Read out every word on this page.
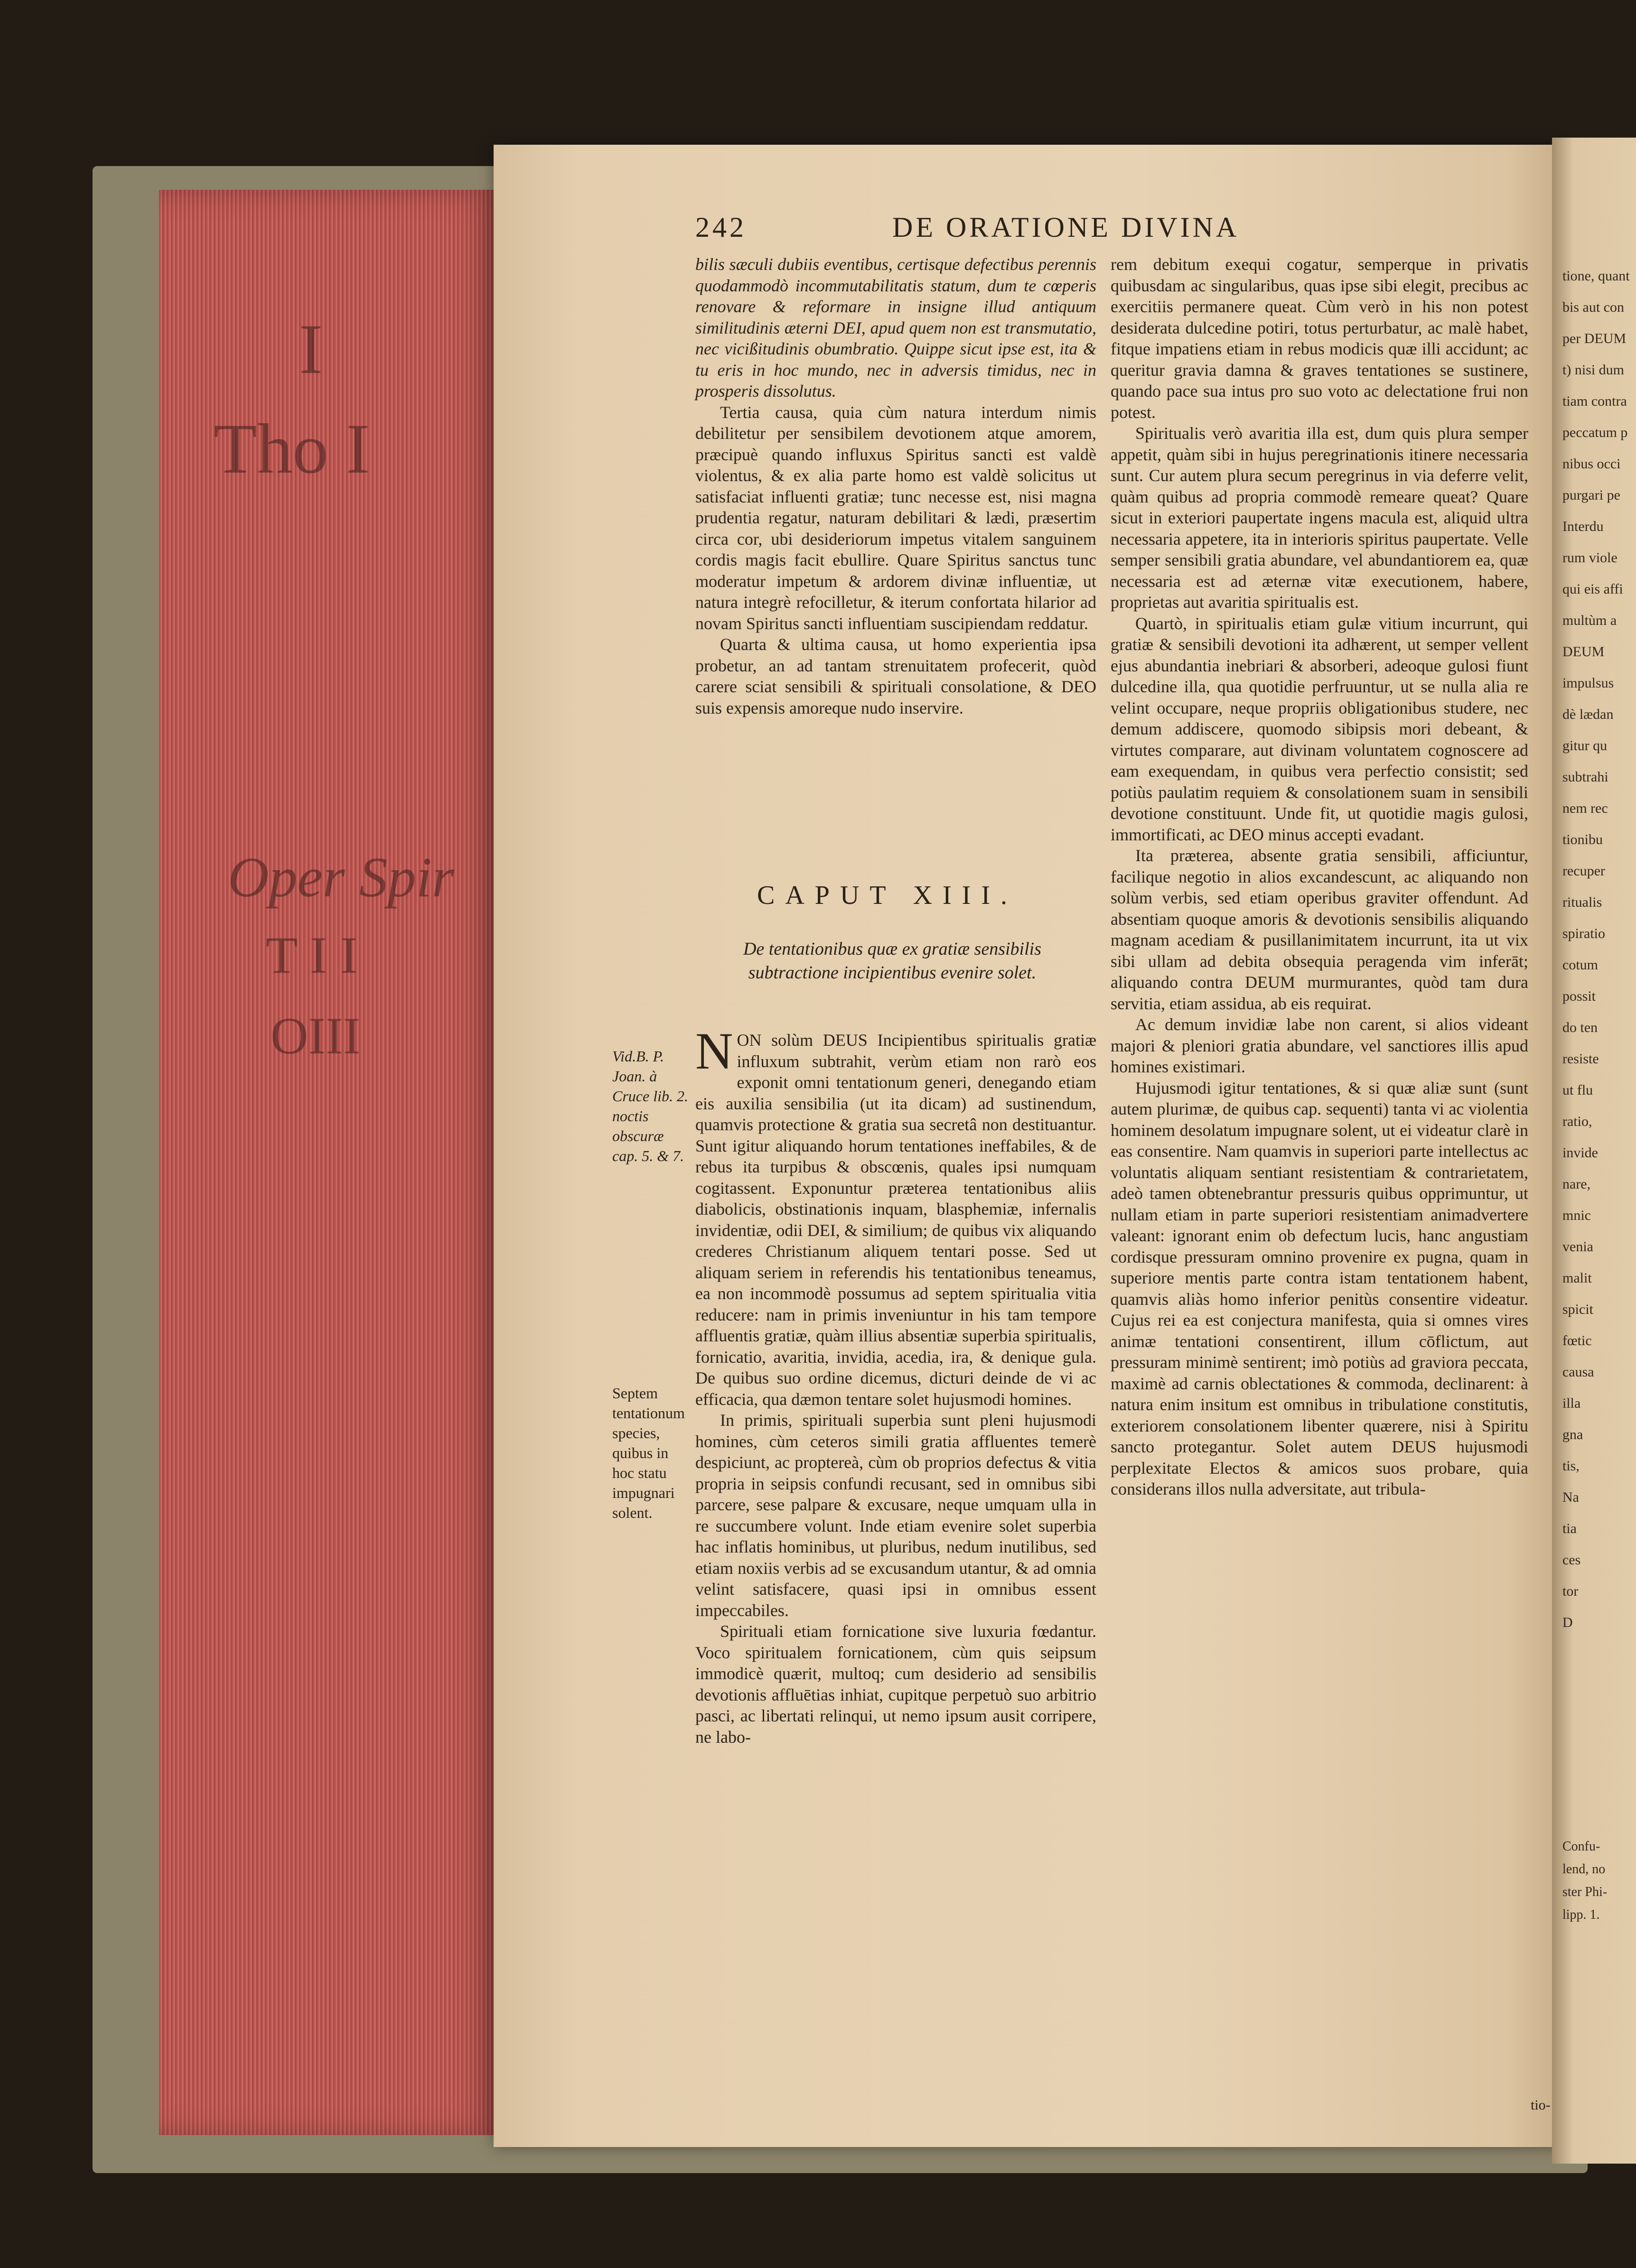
I
Tho I
Oper Spir
T I I
OIII
242	DE ORATIONE DIVINA

bilis sæculi dubiis eventibus, certisque defectibus perennis quodammodò incommutabilitatis statum, dum te cœperis renovare & reformare in insigne illud antiquum similitudinis æterni DEI, apud quem non est transmutatio, nec vicißitudinis obumbratio. Quippe sicut ipse est, ita & tu eris in hoc mundo, nec in adversis timidus, nec in prosperis dissolutus.

Tertia causa, quia cùm natura interdum nimis debilitetur per sensibilem devotionem atque amorem, præcipuè quando influxus Spiritus sancti est valdè violentus, & ex alia parte homo est valdè solicitus ut satisfaciat influenti gratiæ; tunc necesse est, nisi magna prudentia regatur, naturam debilitari & lædi, præsertim circa cor, ubi desideriorum impetus vitalem sanguinem cordis magis facit ebullire. Quare Spiritus sanctus tunc moderatur impetum & ardorem divinæ influentiæ, ut natura integrè refocilletur, & iterum confortata hilarior ad novam Spiritus sancti influentiam suscipiendam reddatur.

Quarta & ultima causa, ut homo experientia ipsa probetur, an ad tantam strenuitatem profecerit, quòd carere sciat sensibili & spirituali consolatione, & DEO suis expensis amoreque nudo inservire.

CAPUT XIII.
De tentationibus quæ ex gratiæ sensibilis subtractione incipientibus evenire solet.
Vid.B. P. Joan. à Cruce lib. 2. noctis obscuræ cap. 5. & 7.
Septem tentationum species, quibus in hoc statu impugnari solent.

NON solùm DEUS Incipientibus spiritualis gratiæ influxum subtrahit, verùm etiam non rarò eos exponit omni tentationum generi, denegando etiam eis auxilia sensibilia (ut ita dicam) ad sustinendum, quamvis protectione & gratia sua secretâ non destituantur. Sunt igitur aliquando horum tentationes ineffabiles, & de rebus ita turpibus & obscœnis, quales ipsi numquam cogitassent. Exponuntur præterea tentationibus aliis diabolicis, obstinationis inquam, blasphemiæ, infernalis invidentiæ, odii DEI, & similium; de quibus vix aliquando crederes Christianum aliquem tentari posse. Sed ut aliquam seriem in referendis his tentationibus teneamus, ea non incommodè possumus ad septem spiritualia vitia reducere: nam in primis inveniuntur in his tam tempore affluentis gratiæ, quàm illius absentiæ superbia spiritualis, fornicatio, avaritia, invidia, acedia, ira, & denique gula. De quibus suo ordine dicemus, dicturi deinde de vi ac efficacia, qua dæmon tentare solet hujusmodi homines.

In primis, spirituali superbia sunt pleni hujusmodi homines, cùm ceteros simili gratia affluentes temerè despiciunt, ac proptereà, cùm ob proprios defectus & vitia propria in seipsis confundi recusant, sed in omnibus sibi parcere, sese palpare & excusare, neque umquam ulla in re succumbere volunt. Inde etiam evenire solet superbia hac inflatis hominibus, ut pluribus, nedum inutilibus, sed etiam noxiis verbis ad se excusandum utantur, & ad omnia velint satisfacere, quasi ipsi in omnibus essent impeccabiles.

Spirituali etiam fornicatione sive luxuria fœdantur. Voco spiritualem fornicationem, cùm quis seipsum immodicè quærit, multoq; cum desiderio ad sensibilis devotionis affluētias inhiat, cupitque perpetuò suo arbitrio pasci, ac libertati relinqui, ut nemo ipsum ausit corripere, ne labo-

rem debitum exequi cogatur, semperque in privatis quibusdam ac singularibus, quas ipse sibi elegit, precibus ac exercitiis permanere queat. Cùm verò in his non potest desiderata dulcedine potiri, totus perturbatur, ac malè habet, fitque impatiens etiam in rebus modicis quæ illi accidunt; ac queritur gravia damna & graves tentationes se sustinere, quando pace sua intus pro suo voto ac delectatione frui non potest.

Spiritualis verò avaritia illa est, dum quis plura semper appetit, quàm sibi in hujus peregrinationis itinere necessaria sunt. Cur autem plura secum peregrinus in via deferre velit, quàm quibus ad propria commodè remeare queat? Quare sicut in exteriori paupertate ingens macula est, aliquid ultra necessaria appetere, ita in interioris spiritus paupertate. Velle semper sensibili gratia abundare, vel abundantiorem ea, quæ necessaria est ad æternæ vitæ executionem, habere, proprietas aut avaritia spiritualis est.

Quartò, in spiritualis etiam gulæ vitium incurrunt, qui gratiæ & sensibili devotioni ita adhærent, ut semper vellent ejus abundantia inebriari & absorberi, adeoque gulosi fiunt dulcedine illa, qua quotidie perfruuntur, ut se nulla alia re velint occupare, neque propriis obligationibus studere, nec demum addiscere, quomodo sibipsis mori debeant, & virtutes comparare, aut divinam voluntatem cognoscere ad eam exequendam, in quibus vera perfectio consistit; sed potiùs paulatim requiem & consolationem suam in sensibili devotione constituunt. Unde fit, ut quotidie magis gulosi, immortificati, ac DEO minus accepti evadant.

Ita præterea, absente gratia sensibili, afficiuntur, facilique negotio in alios excandescunt, ac aliquando non solùm verbis, sed etiam operibus graviter offendunt. Ad absentiam quoque amoris & devotionis sensibilis aliquando magnam acediam & pusillanimitatem incurrunt, ita ut vix sibi ullam ad debita obsequia peragenda vim inferāt; aliquando contra DEUM murmurantes, quòd tam dura servitia, etiam assidua, ab eis requirat.

Ac demum invidiæ labe non carent, si alios videant majori & pleniori gratia abundare, vel sanctiores illis apud homines existimari.

Hujusmodi igitur tentationes, & si quæ aliæ sunt (sunt autem plurimæ, de quibus cap. sequenti) tanta vi ac violentia hominem desolatum impugnare solent, ut ei videatur clarè in eas consentire. Nam quamvis in superiori parte intellectus ac voluntatis aliquam sentiant resistentiam & contrarietatem, adeò tamen obtenebrantur pressuris quibus opprimuntur, ut nullam etiam in parte superiori resistentiam animadvertere valeant: ignorant enim ob defectum lucis, hanc angustiam cordisque pressuram omnino provenire ex pugna, quam in superiore mentis parte contra istam tentationem habent, quamvis aliàs homo inferior penitùs consentire videatur. Cujus rei ea est conjectura manifesta, quia si omnes vires animæ tentationi consentirent, illum cōflictum, aut pressuram minimè sentirent; imò potiùs ad graviora peccata, maximè ad carnis oblectationes & commoda, declinarent: à natura enim insitum est omnibus in tribulatione constitutis, exteriorem consolationem libenter quærere, nisi à Spiritu sancto protegantur. Solet autem DEUS hujusmodi perplexitate Electos & amicos suos probare, quia considerans illos nulla adversitate, aut tribula-

tio-
tione, quant
bis aut con
per DEUM
t) nisi dum
tiam contra
peccatum p
nibus occi
purgari pe
Interdu
rum viole
qui eis affi
multùm a
DEUM
impulsus
dè lædan
gitur qu
subtrahi
nem rec
tionibu
recuper
ritualis
spiratio
cotum
possit
do ten
resiste
ut flu
ratio,
invide
nare,
mnic
venia
malit
spicit
fœtic
causa
illa
gna
tis,
Na
tia
ces
tor
D
Confu-
lend, no
ster Phi-
lipp. 1.
